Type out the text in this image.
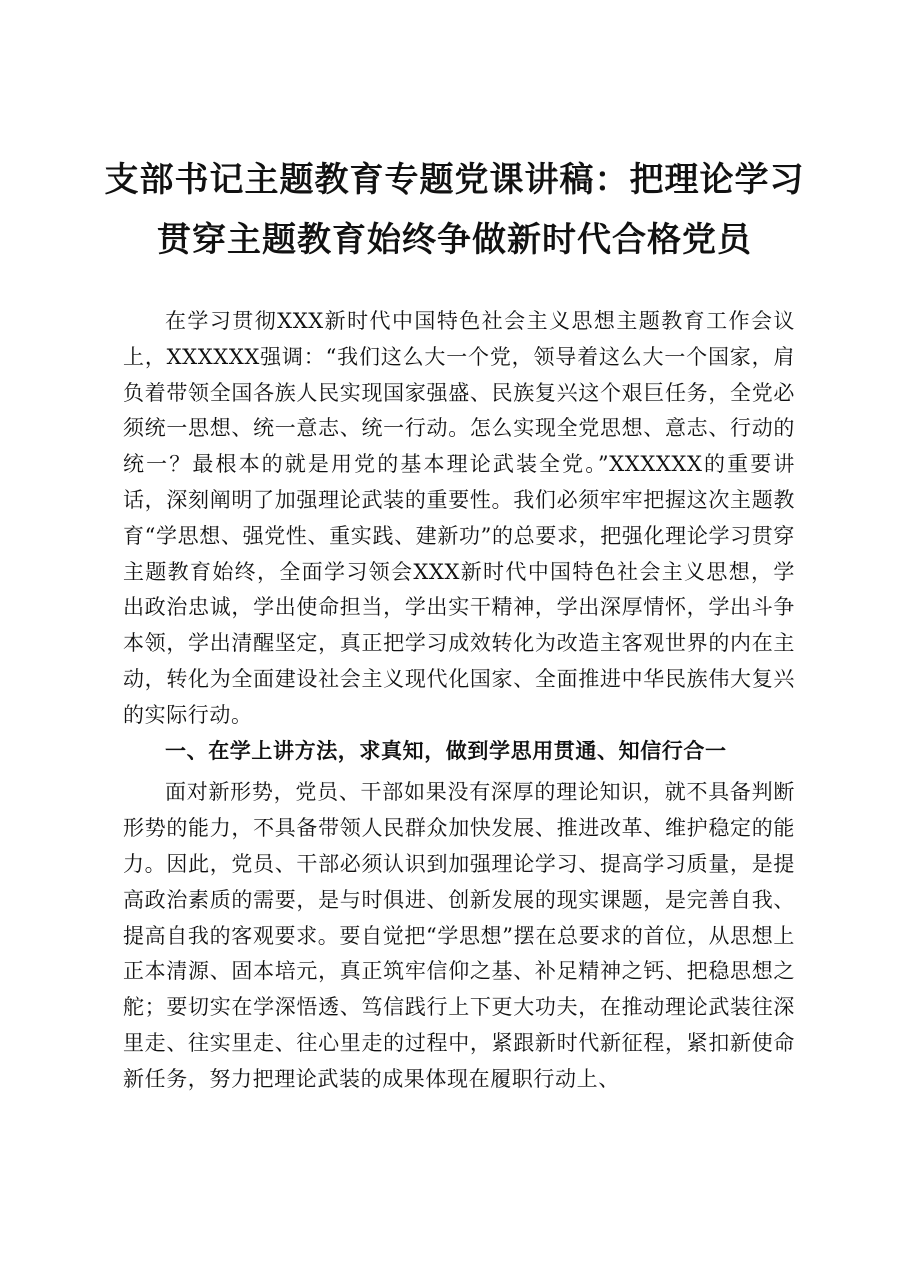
支部书记主题教育专题党课讲稿：把理论学习
贯穿主题教育始终争做新时代合格党员

在学习贯彻XXX新时代中国特色社会主义思想主题教育工作会议上，XXXXXX强调：“我们这么大一个党，领导着这么大一个国家，肩负着带领全国各族人民实现国家强盛、民族复兴这个艰巨任务，全党必须统一思想、统一意志、统一行动。怎么实现全党思想、意志、行动的统一？最根本的就是用党的基本理论武装全党。”XXXXXX的重要讲话，深刻阐明了加强理论武装的重要性。我们必须牢牢把握这次主题教育“学思想、强党性、重实践、建新功”的总要求，把强化理论学习贯穿主题教育始终，全面学习领会XXX新时代中国特色社会主义思想，学出政治忠诚，学出使命担当，学出实干精神，学出深厚情怀，学出斗争本领，学出清醒坚定，真正把学习成效转化为改造主客观世界的内在主动，转化为全面建设社会主义现代化国家、全面推进中华民族伟大复兴的实际行动。

一、在学上讲方法，求真知，做到学思用贯通、知信行合一

面对新形势，党员、干部如果没有深厚的理论知识，就不具备判断形势的能力，不具备带领人民群众加快发展、推进改革、维护稳定的能力。因此，党员、干部必须认识到加强理论学习、提高学习质量，是提高政治素质的需要，是与时俱进、创新发展的现实课题，是完善自我、提高自我的客观要求。要自觉把“学思想”摆在总要求的首位，从思想上正本清源、固本培元，真正筑牢信仰之基、补足精神之钙、把稳思想之舵；要切实在学深悟透、笃信践行上下更大功夫，在推动理论武装往深里走、往实里走、往心里走的过程中，紧跟新时代新征程，紧扣新使命新任务，努力把理论武装的成果体现在履职行动上、
